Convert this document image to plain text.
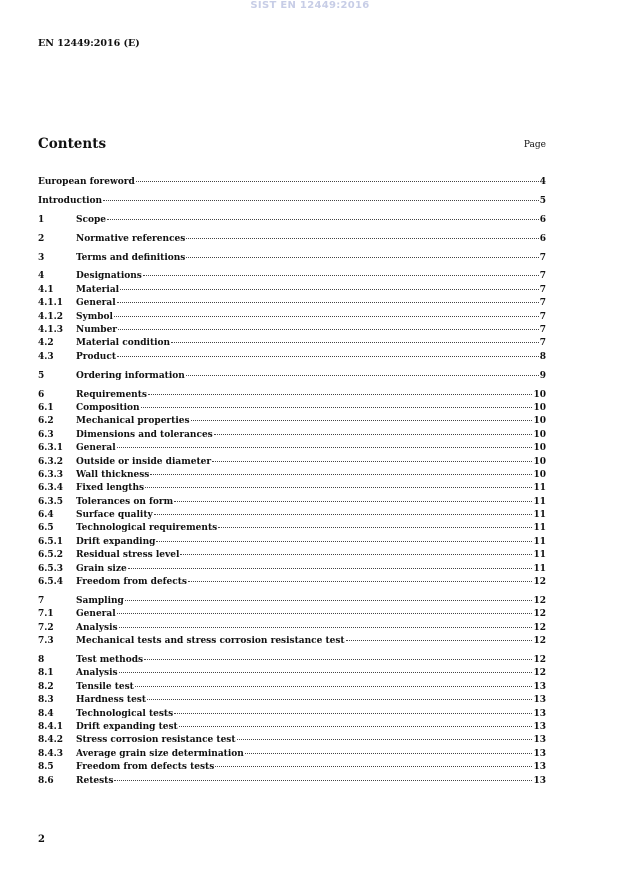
SIST EN 12449:2016
EN 12449:2016 (E)
Contents	Page
European foreword	4
Introduction	5
1	Scope	6
2	Normative references	6
3	Terms and definitions	7
4	Designations	7
4.1	Material	7
4.1.1	General	7
4.1.2	Symbol	7
4.1.3	Number	7
4.2	Material condition	7
4.3	Product	8
5	Ordering information	9
6	Requirements	10
6.1	Composition	10
6.2	Mechanical properties	10
6.3	Dimensions and tolerances	10
6.3.1	General	10
6.3.2	Outside or inside diameter	10
6.3.3	Wall thickness	10
6.3.4	Fixed lengths	11
6.3.5	Tolerances on form	11
6.4	Surface quality	11
6.5	Technological requirements	11
6.5.1	Drift expanding	11
6.5.2	Residual stress level	11
6.5.3	Grain size	11
6.5.4	Freedom from defects	12
7	Sampling	12
7.1	General	12
7.2	Analysis	12
7.3	Mechanical tests and stress corrosion resistance test	12
8	Test methods	12
8.1	Analysis	12
8.2	Tensile test	13
8.3	Hardness test	13
8.4	Technological tests	13
8.4.1	Drift expanding test	13
8.4.2	Stress corrosion resistance test	13
8.4.3	Average grain size determination	13
8.5	Freedom from defects tests	13
8.6	Retests	13
2
